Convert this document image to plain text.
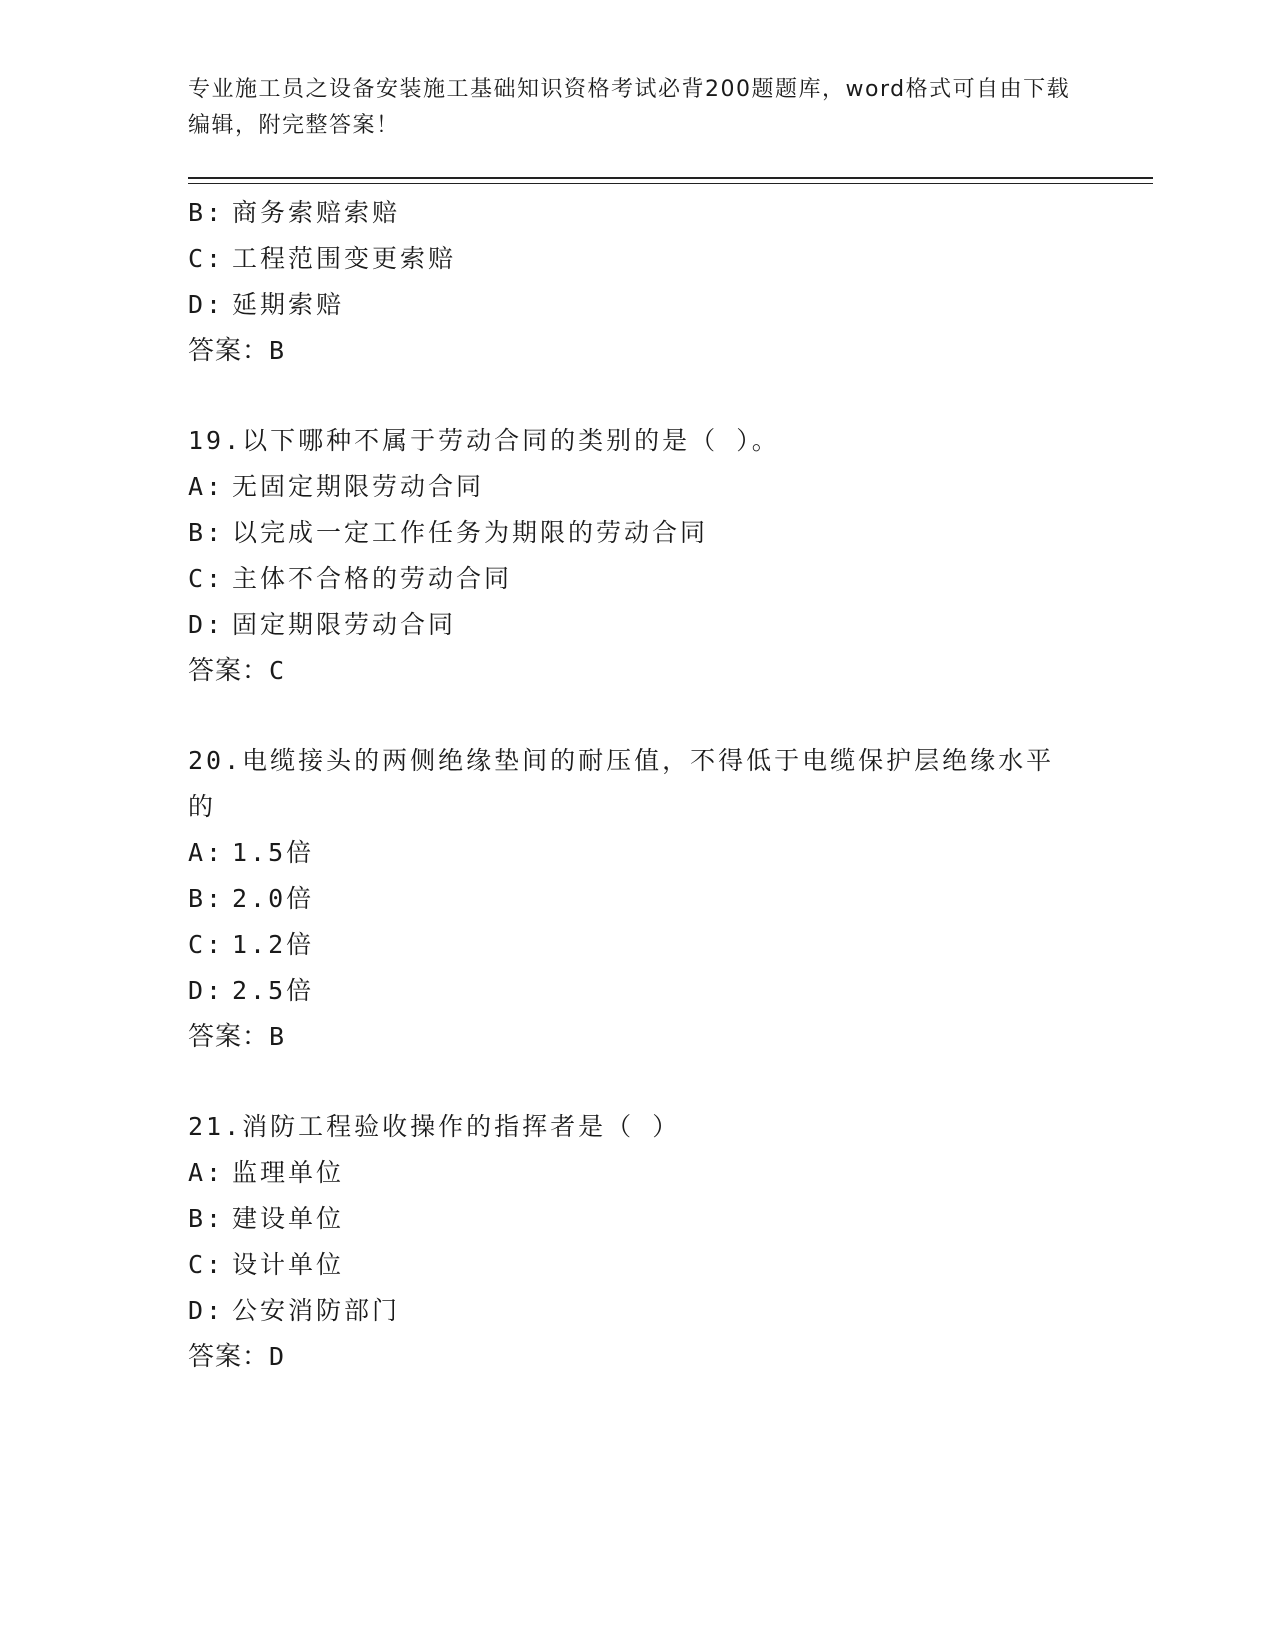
专业施工员之设备安装施工基础知识资格考试必背200题题库，word格式可自由下载编辑，附完整答案！
B: 商务索赔索赔
C: 工程范围变更索赔
D: 延期索赔
答案：B
19.以下哪种不属于劳动合同的类别的是（ ）。
A: 无固定期限劳动合同
B: 以完成一定工作任务为期限的劳动合同
C: 主体不合格的劳动合同
D: 固定期限劳动合同
答案：C
20.电缆接头的两侧绝缘垫间的耐压值，不得低于电缆保护层绝缘水平的
A: 1.5倍
B: 2.0倍
C: 1.2倍
D: 2.5倍
答案：B
21.消防工程验收操作的指挥者是（ ）
A: 监理单位
B: 建设单位
C: 设计单位
D: 公安消防部门
答案：D
